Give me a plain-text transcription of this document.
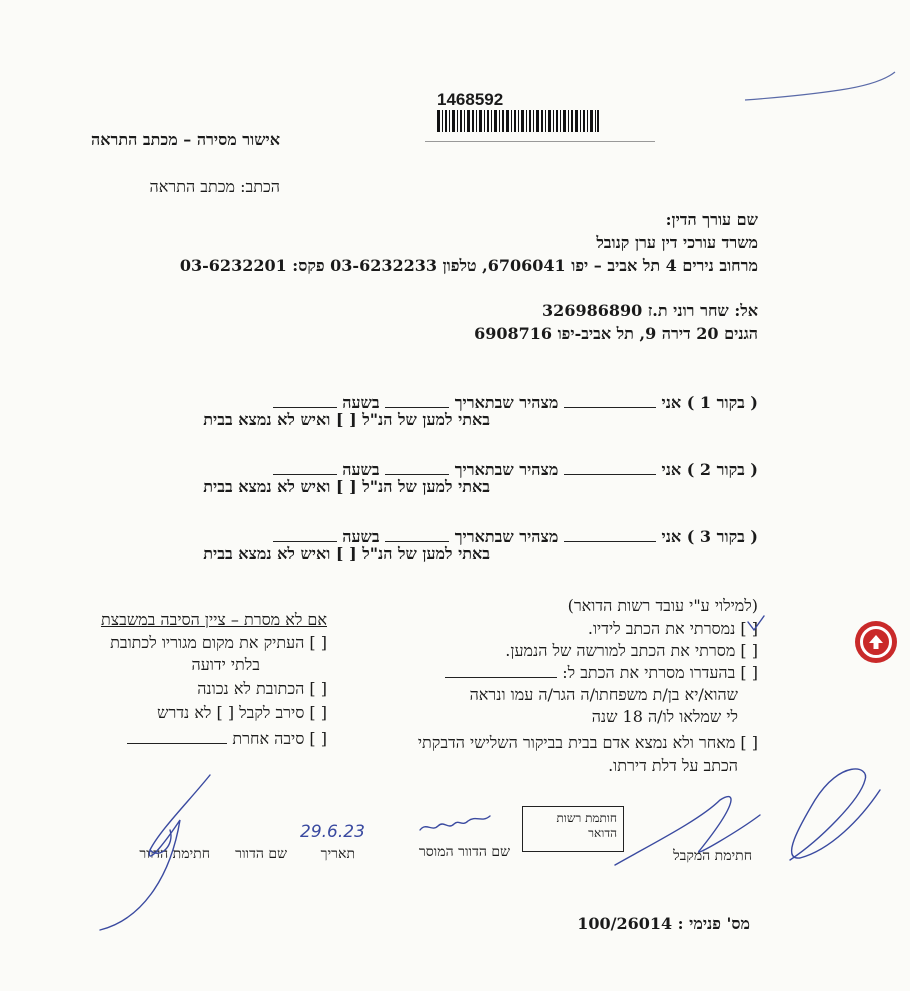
1468592
אישור מסירה – מכתב התראה
הכתב: מכתב התראה
שם עורך הדין:
משרד עורכי דין ערן קנובל
מרחוב נירים 4 תל אביב – יפו 6706041, טלפון 03-6232233 פקס: 03-6232201
אל: שחר רוני ת.ז 326986890
הגנים 20 דירה 9, תל אביב-יפו 6908716
( בקור 1 ) אני  מצהיר שבתאריך  בשעה
באתי למען של הנ"ל [ ] ואיש לא נמצא בבית
( בקור 2 ) אני  מצהיר שבתאריך  בשעה
באתי למען של הנ"ל [ ] ואיש לא נמצא בבית
( בקור 3 ) אני  מצהיר שבתאריך  בשעה
באתי למען של הנ"ל [ ] ואיש לא נמצא בבית
(למילוי ע"י עובד רשות הדואר)
[ ] נמסרתי את הכתב לידיו.
[ ] מסרתי את הכתב למורשה של הנמען.
[ ] בהעדרו מסרתי את הכתב ל:
שהוא/יא בן/ת משפחתו/ה הגר/ה עמו ונראה
לי שמלאו לו/ה 18 שנה
[ ] מאחר ולא נמצא אדם בבית בביקור השלישי הדבקתי
הכתב על דלת דירתו.
אם לא מסרת – ציין הסיבה במשבצת
[ ] העתיק את מקום מגוריו לכתובת
בלתי ידועה
[ ] הכתובת לא נכונה
[ ] סירב לקבל [ ] לא נדרש
[ ] סיבה אחרת
חותמת רשות
הדואר
29.6.23
חתימת המקבל
שם הדוור המוסר
תאריך
שם הדוור
חתימת הדוור
מס' פנימי : 100/26014
